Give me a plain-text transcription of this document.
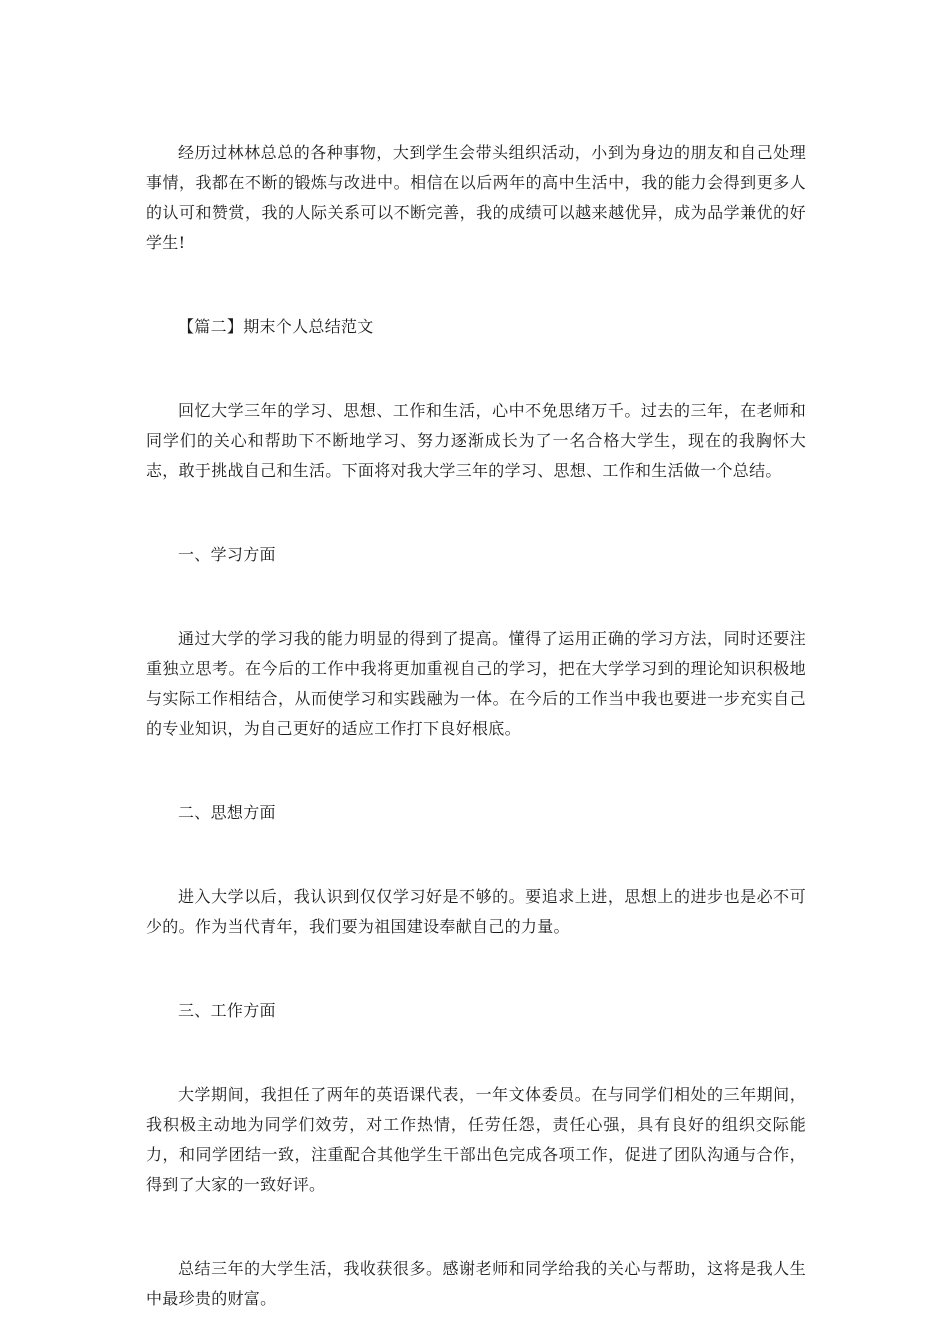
经历过林林总总的各种事物，大到学生会带头组织活动，小到为身边的朋友和自己处理事情，我都在不断的锻炼与改进中。相信在以后两年的高中生活中，我的能力会得到更多人的认可和赞赏，我的人际关系可以不断完善，我的成绩可以越来越优异，成为品学兼优的好学生!

【篇二】期末个人总结范文

回忆大学三年的学习、思想、工作和生活，心中不免思绪万千。过去的三年，在老师和同学们的关心和帮助下不断地学习、努力逐渐成长为了一名合格大学生，现在的我胸怀大志，敢于挑战自己和生活。下面将对我大学三年的学习、思想、工作和生活做一个总结。

一、学习方面

通过大学的学习我的能力明显的得到了提高。懂得了运用正确的学习方法，同时还要注重独立思考。在今后的工作中我将更加重视自己的学习，把在大学学习到的理论知识积极地与实际工作相结合，从而使学习和实践融为一体。在今后的工作当中我也要进一步充实自己的专业知识，为自己更好的适应工作打下良好根底。

二、思想方面

进入大学以后，我认识到仅仅学习好是不够的。要追求上进，思想上的进步也是必不可少的。作为当代青年，我们要为祖国建设奉献自己的力量。

三、工作方面

大学期间，我担任了两年的英语课代表，一年文体委员。在与同学们相处的三年期间，我积极主动地为同学们效劳，对工作热情，任劳任怨，责任心强，具有良好的组织交际能力，和同学团结一致，注重配合其他学生干部出色完成各项工作，促进了团队沟通与合作，得到了大家的一致好评。

总结三年的大学生活，我收获很多。感谢老师和同学给我的关心与帮助，这将是我人生中最珍贵的财富。
